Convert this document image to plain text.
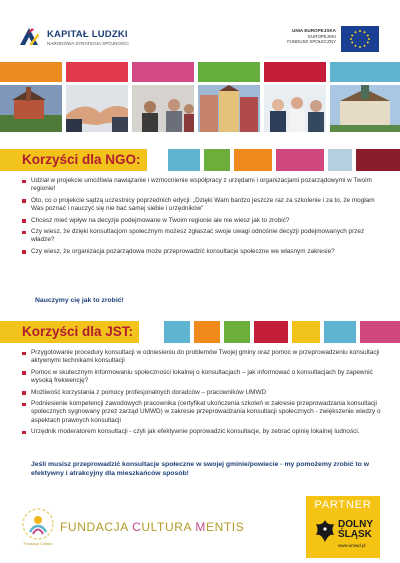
KAPITAŁ LUDZKI
NARODOWA STRATEGIA SPÓJNOŚCI
UNIA EUROPEJSKA
EUROPEJSKI
FUNDUSZ SPOŁECZNY
Korzyści dla NGO:
Udział w projekcie umożliwia nawiązanie i wzmocnienie współpracy z urzędami i organizacjami pozarządowymi w Twoim regionie!
Oto, co o projekcie sądzą uczestnicy poprzednich edycji: „Dzięki Wam bardzo jeszcze raz za szkolenie i za to, że mogłam Was poznać i nauczyć się nie bać samej siebie i urzędników”
Chcesz mieć wpływ na decyzje podejmowane w Twoim regionie ale nie wiesz jak to zrobić?
Czy wiesz, że dzięki konsultacjom społecznym możesz zgłaszać swoje uwagi odnośnie decyzji podejmowanych przez władze?
Czy wiesz, że organizacja pozarządowa może przeprowadzić konsultacje społeczne we własnym zakresie?
Nauczymy cię jak to zrobić!
Korzyści dla JST:
Przygotowanie procedury konsultacji w odniesieniu do problemów Twojej gminy oraz pomoc w przeprowadzeniu konsultacji aktywnymi technikami konsultacji
Pomoc w skutecznym informowaniu społeczności lokalnej o konsultacjach – jak informować o konsultacjach by zapewnić wysoką frekwencję?
Możliwość korzystania z pomocy profesjonalnych doradców – pracowników UMWD
Podniesienie kompetencji zawodowych pracownika (certyfikat ukończenia szkoleń w zakresie przeprowadzania konsultacji społecznych sygnowany przez zarząd UMWD) w zakresie przeprowadzania konsultacji społecznych - zwiększenie wiedzy o aspektach prawnych konsultacji
Urzędnik moderatorem konsultacji - czyli jak efektywnie poprowadzić konsultacje, by zebrać opinię lokalnej ludności.
Jeśli musisz przeprowadzić konsultacje społeczne w swojej gminie/powiecie - my pomożemy zrobić to w efektywny i atrakcyjny dla mieszkańców sposób!
Fundacja Cultura
FUNDACJA CULTURA MENTIS
PARTNER
DOLNY
ŚLĄSK
www.umwd.pl
